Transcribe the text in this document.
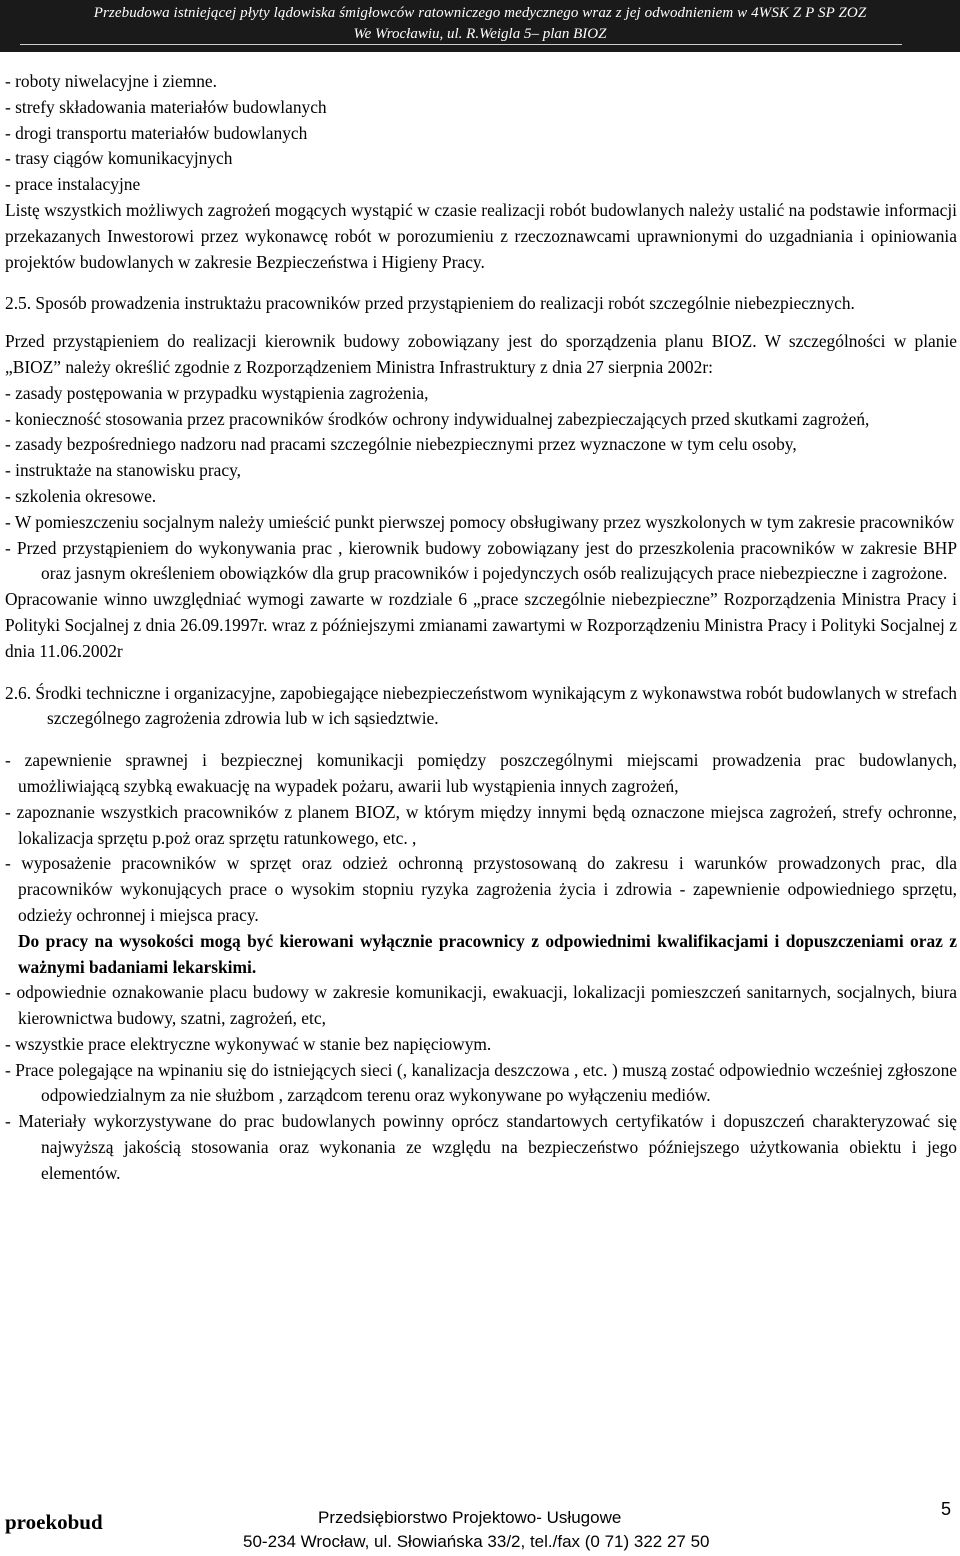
Przebudowa istniejącej płyty lądowiska śmigłowców ratowniczego medycznego wraz z jej odwodnieniem w 4WSK Z P SP ZOZ
We Wrocławiu, ul. R.Weigla 5– plan BIOZ

- roboty niwelacyjne i ziemne.

- strefy składowania materiałów budowlanych

- drogi transportu materiałów budowlanych

- trasy ciągów komunikacyjnych

- prace instalacyjne

Listę wszystkich możliwych zagrożeń mogących wystąpić w czasie realizacji robót budowlanych należy ustalić na podstawie informacji przekazanych Inwestorowi przez wykonawcę robót w porozumieniu z rzeczoznawcami uprawnionymi do uzgadniania i opiniowania projektów budowlanych w zakresie Bezpieczeństwa i Higieny Pracy.

2.5. Sposób prowadzenia instruktażu pracowników przed przystąpieniem do realizacji robót szczególnie niebezpiecznych.

Przed przystąpieniem do realizacji kierownik budowy zobowiązany jest do sporządzenia planu BIOZ. W szczególności w planie „BIOZ” należy określić zgodnie z Rozporządzeniem Ministra Infrastruktury z dnia 27 sierpnia 2002r:

- zasady postępowania w przypadku wystąpienia zagrożenia,

- konieczność stosowania przez pracowników środków ochrony indywidualnej zabezpieczających przed skutkami zagrożeń,

- zasady bezpośredniego nadzoru nad pracami szczególnie niebezpiecznymi przez wyznaczone w tym celu osoby,

- instruktaże na stanowisku pracy,

- szkolenia okresowe.

- W pomieszczeniu socjalnym należy umieścić punkt pierwszej pomocy obsługiwany przez wyszkolonych w tym zakresie pracowników

- Przed przystąpieniem do wykonywania prac , kierownik budowy zobowiązany jest do przeszkolenia pracowników w zakresie BHP oraz jasnym określeniem obowiązków dla grup pracowników i pojedynczych osób realizujących prace niebezpieczne i zagrożone.

Opracowanie winno uwzględniać wymogi zawarte w rozdziale 6 „prace szczególnie niebezpieczne” Rozporządzenia Ministra Pracy i Polityki Socjalnej z dnia 26.09.1997r. wraz z późniejszymi zmianami zawartymi w Rozporządzeniu Ministra Pracy i Polityki Socjalnej z dnia 11.06.2002r

2.6. Środki techniczne i organizacyjne, zapobiegające niebezpieczeństwom wynikającym z wykonawstwa robót budowlanych w strefach szczególnego zagrożenia zdrowia lub w ich sąsiedztwie.

- zapewnienie sprawnej i bezpiecznej komunikacji pomiędzy poszczególnymi miejscami prowadzenia prac budowlanych, umożliwiającą szybką ewakuację na wypadek pożaru, awarii lub wystąpienia innych zagrożeń,

- zapoznanie wszystkich pracowników z planem BIOZ, w którym między innymi będą oznaczone miejsca zagrożeń, strefy ochronne, lokalizacja sprzętu p.poż oraz sprzętu ratunkowego, etc. ,

- wyposażenie pracowników w sprzęt oraz odzież ochronną przystosowaną do zakresu i warunków prowadzonych prac, dla pracowników wykonujących prace o wysokim stopniu ryzyka zagrożenia życia i zdrowia - zapewnienie odpowiedniego sprzętu, odzieży ochronnej i miejsca pracy.

Do pracy na wysokości mogą być kierowani wyłącznie pracownicy z odpowiednimi kwalifikacjami i dopuszczeniami oraz z ważnymi badaniami lekarskimi.

- odpowiednie oznakowanie placu budowy w zakresie komunikacji, ewakuacji, lokalizacji pomieszczeń sanitarnych, socjalnych, biura kierownictwa budowy, szatni, zagrożeń, etc,

- wszystkie prace elektryczne wykonywać w stanie bez napięciowym.

- Prace polegające na wpinaniu się do istniejących sieci (, kanalizacja deszczowa , etc. ) muszą zostać odpowiednio wcześniej zgłoszone odpowiedzialnym za nie służbom , zarządcom terenu oraz wykonywane po wyłączeniu mediów.

- Materiały wykorzystywane do prac budowlanych powinny oprócz standartowych certyfikatów i dopuszczeń charakteryzować się najwyższą jakością stosowania oraz wykonania ze względu na bezpieczeństwo późniejszego użytkowania obiektu i jego elementów.

proekobud	Przedsiębiorstwo Projektowo- Usługowe
50-234 Wrocław, ul. Słowiańska 33/2, tel./fax (0 71) 322 27 50
5
